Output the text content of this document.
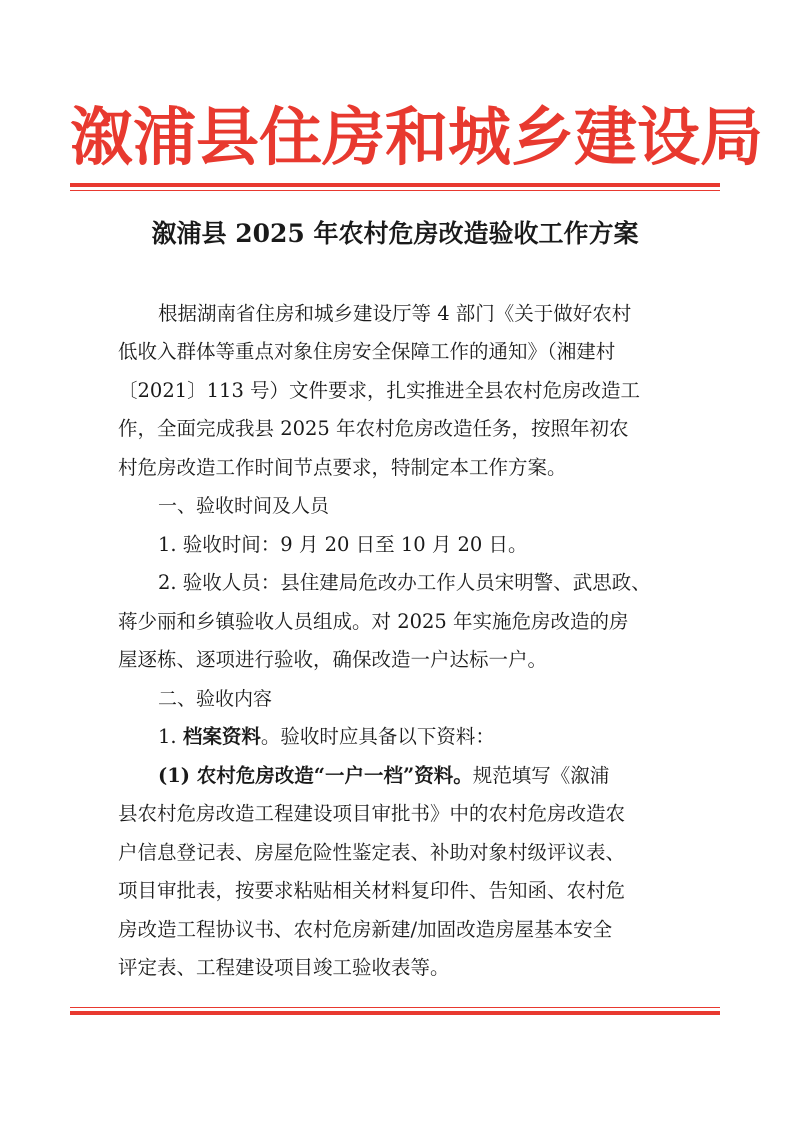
溆浦县住房和城乡建设局
溆浦县 2025 年农村危房改造验收工作方案
根据湖南省住房和城乡建设厅等 4 部门《关于做好农村
低收入群体等重点对象住房安全保障工作的通知》（湘建村
〔2021〕113 号）文件要求，扎实推进全县农村危房改造工
作，全面完成我县 2025 年农村危房改造任务，按照年初农
村危房改造工作时间节点要求，特制定本工作方案。
一、验收时间及人员
1. 验收时间：9 月 20 日至 10 月 20 日。
2. 验收人员：县住建局危改办工作人员宋明警、武思政、
蒋少丽和乡镇验收人员组成。对 2025 年实施危房改造的房
屋逐栋、逐项进行验收，确保改造一户达标一户。
二、验收内容
1. 档案资料。验收时应具备以下资料：
(1) 农村危房改造“一户一档”资料。规范填写《溆浦
县农村危房改造工程建设项目审批书》中的农村危房改造农
户信息登记表、房屋危险性鉴定表、补助对象村级评议表、
项目审批表，按要求粘贴相关材料复印件、告知函、农村危
房改造工程协议书、农村危房新建/加固改造房屋基本安全
评定表、工程建设项目竣工验收表等。
